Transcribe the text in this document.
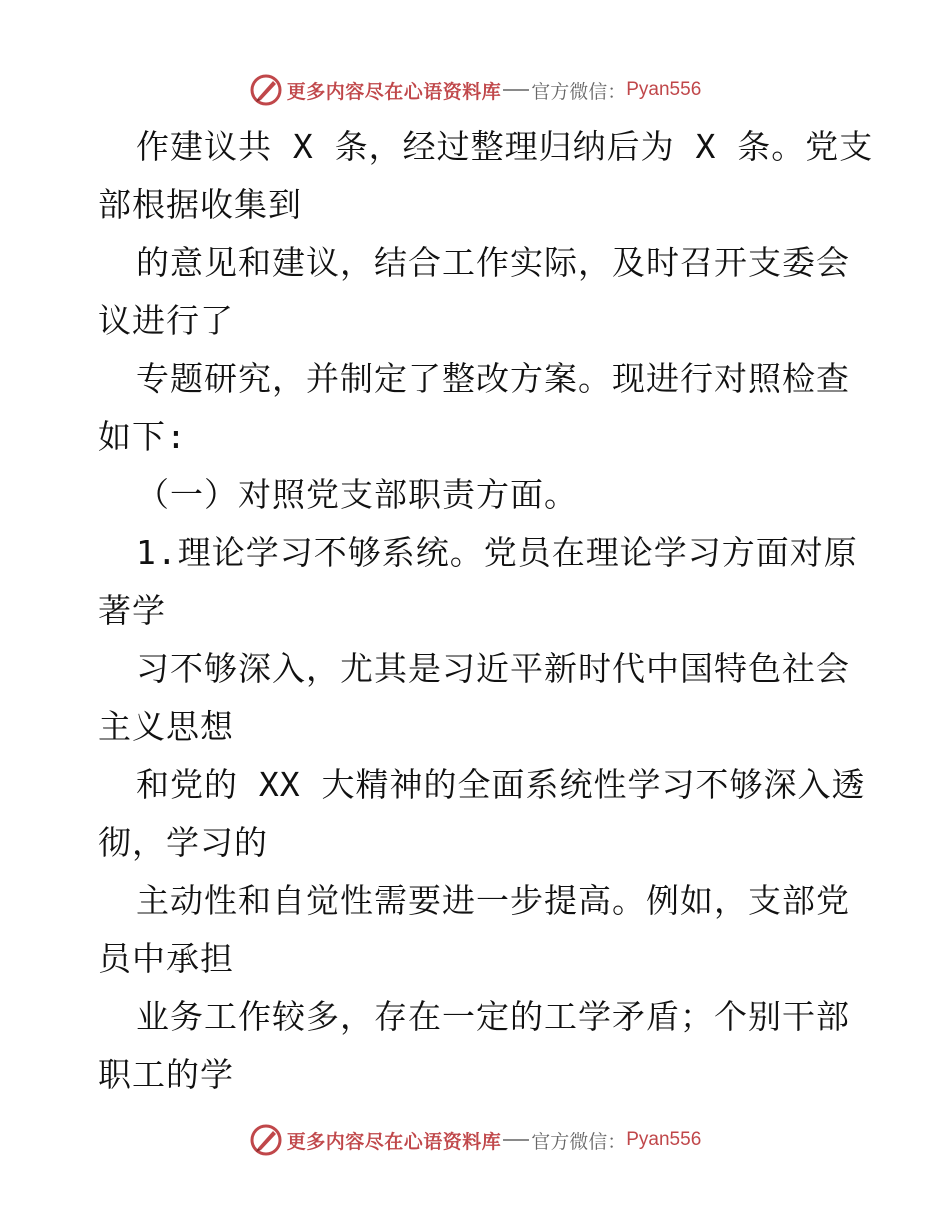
更多内容尽在心语资料库 官方微信： Pyan556
作建议共 X 条，经过整理归纳后为 X 条。党支
部根据收集到
的意见和建议，结合工作实际，及时召开支委会
议进行了
专题研究，并制定了整改方案。现进行对照检查
如下:
（一）对照党支部职责方面。
1.理论学习不够系统。党员在理论学习方面对原
著学
习不够深入，尤其是习近平新时代中国特色社会
主义思想
和党的 XX 大精神的全面系统性学习不够深入透
彻，学习的
主动性和自觉性需要进一步提高。例如，支部党
员中承担
业务工作较多，存在一定的工学矛盾；个别干部
职工的学
更多内容尽在心语资料库 官方微信： Pyan556
